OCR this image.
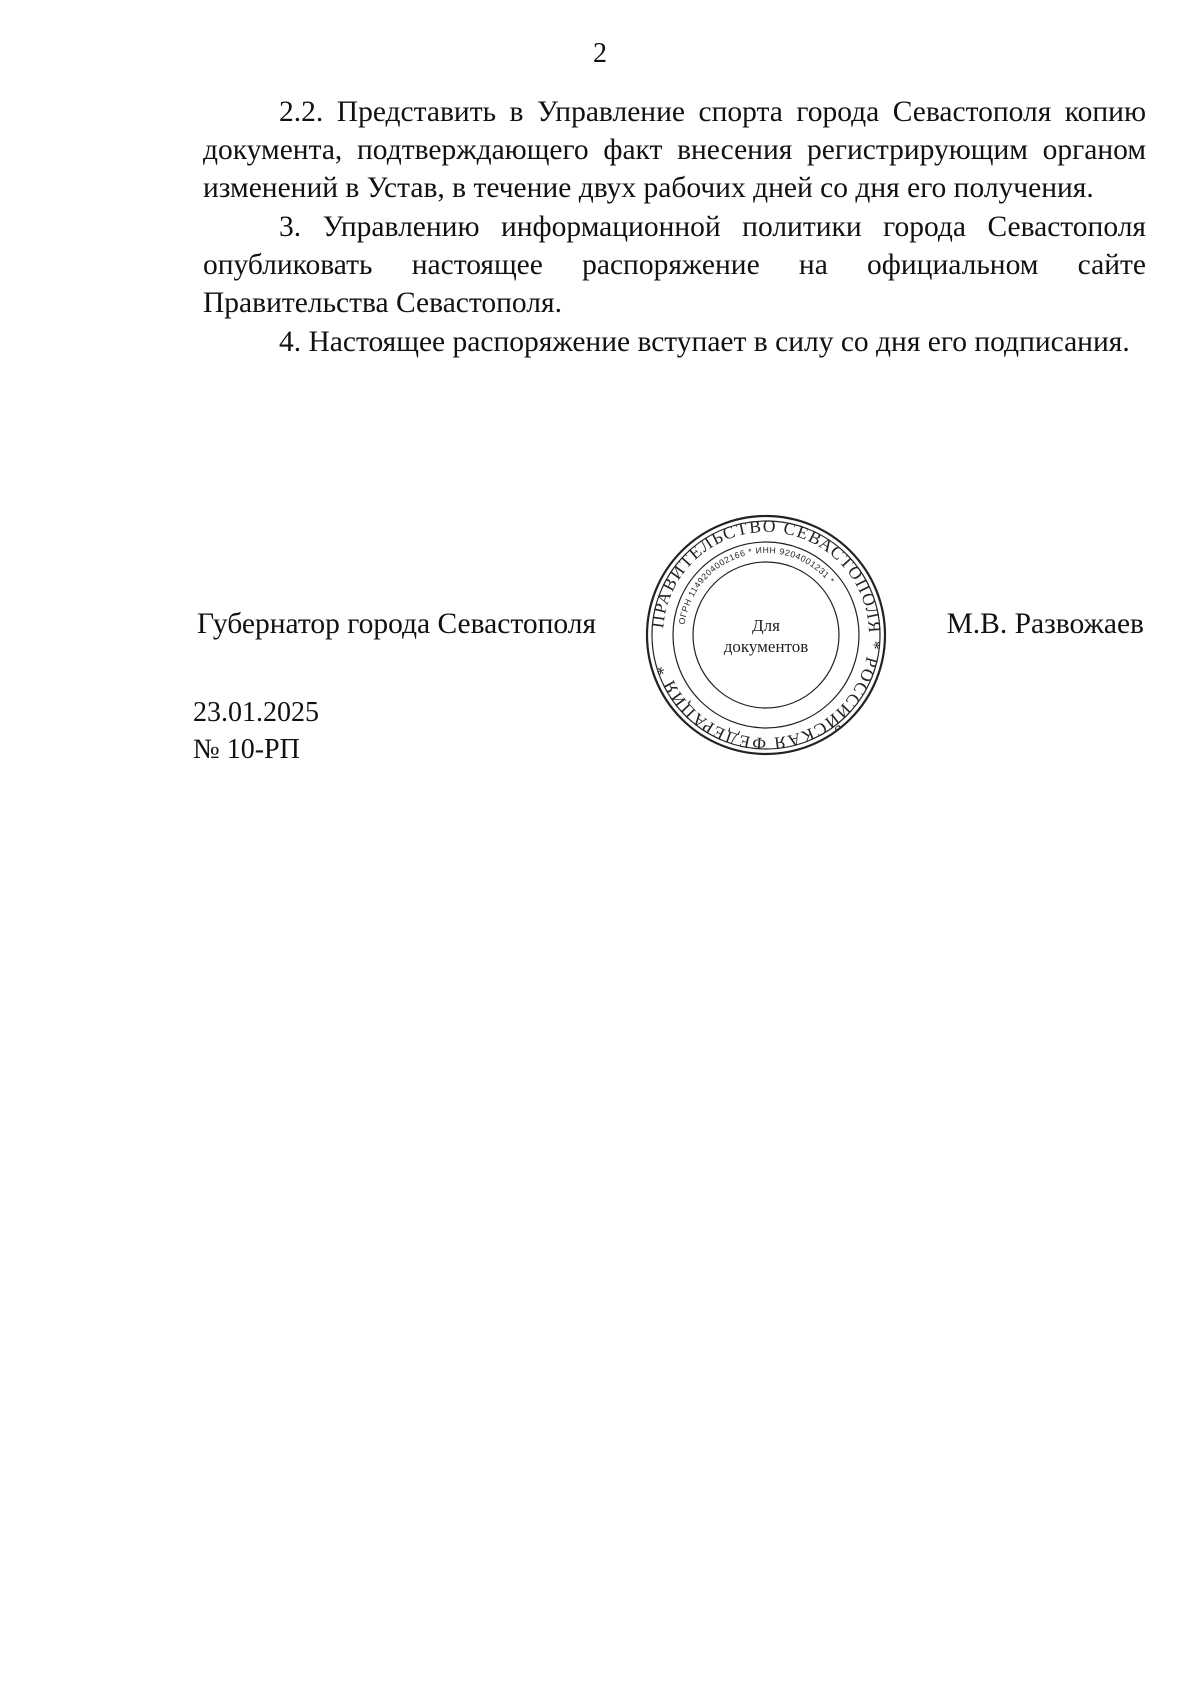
2

2.2. Представить в Управление спорта города Севастополя копию документа, подтверждающего факт внесения регистрирующим органом изменений в Устав, в течение двух рабочих дней со дня его получения.

3. Управлению информационной политики города Севастополя опубликовать настоящее распоряжение на официальном сайте Правительства Севастополя.

4. Настоящее распоряжение вступает в силу со дня его подписания.

Губернатор города Севастополя	ПРАВИТЕЛЬСТВО СЕВАСТОПОЛЯ * РОССИЙСКАЯ ФЕДЕРАЦИЯ *
ОГРН 1149204002166 * ИНН 9204001231 *
Для
документов
М.В. Развожаев
23.01.2025
№ 10-РП
